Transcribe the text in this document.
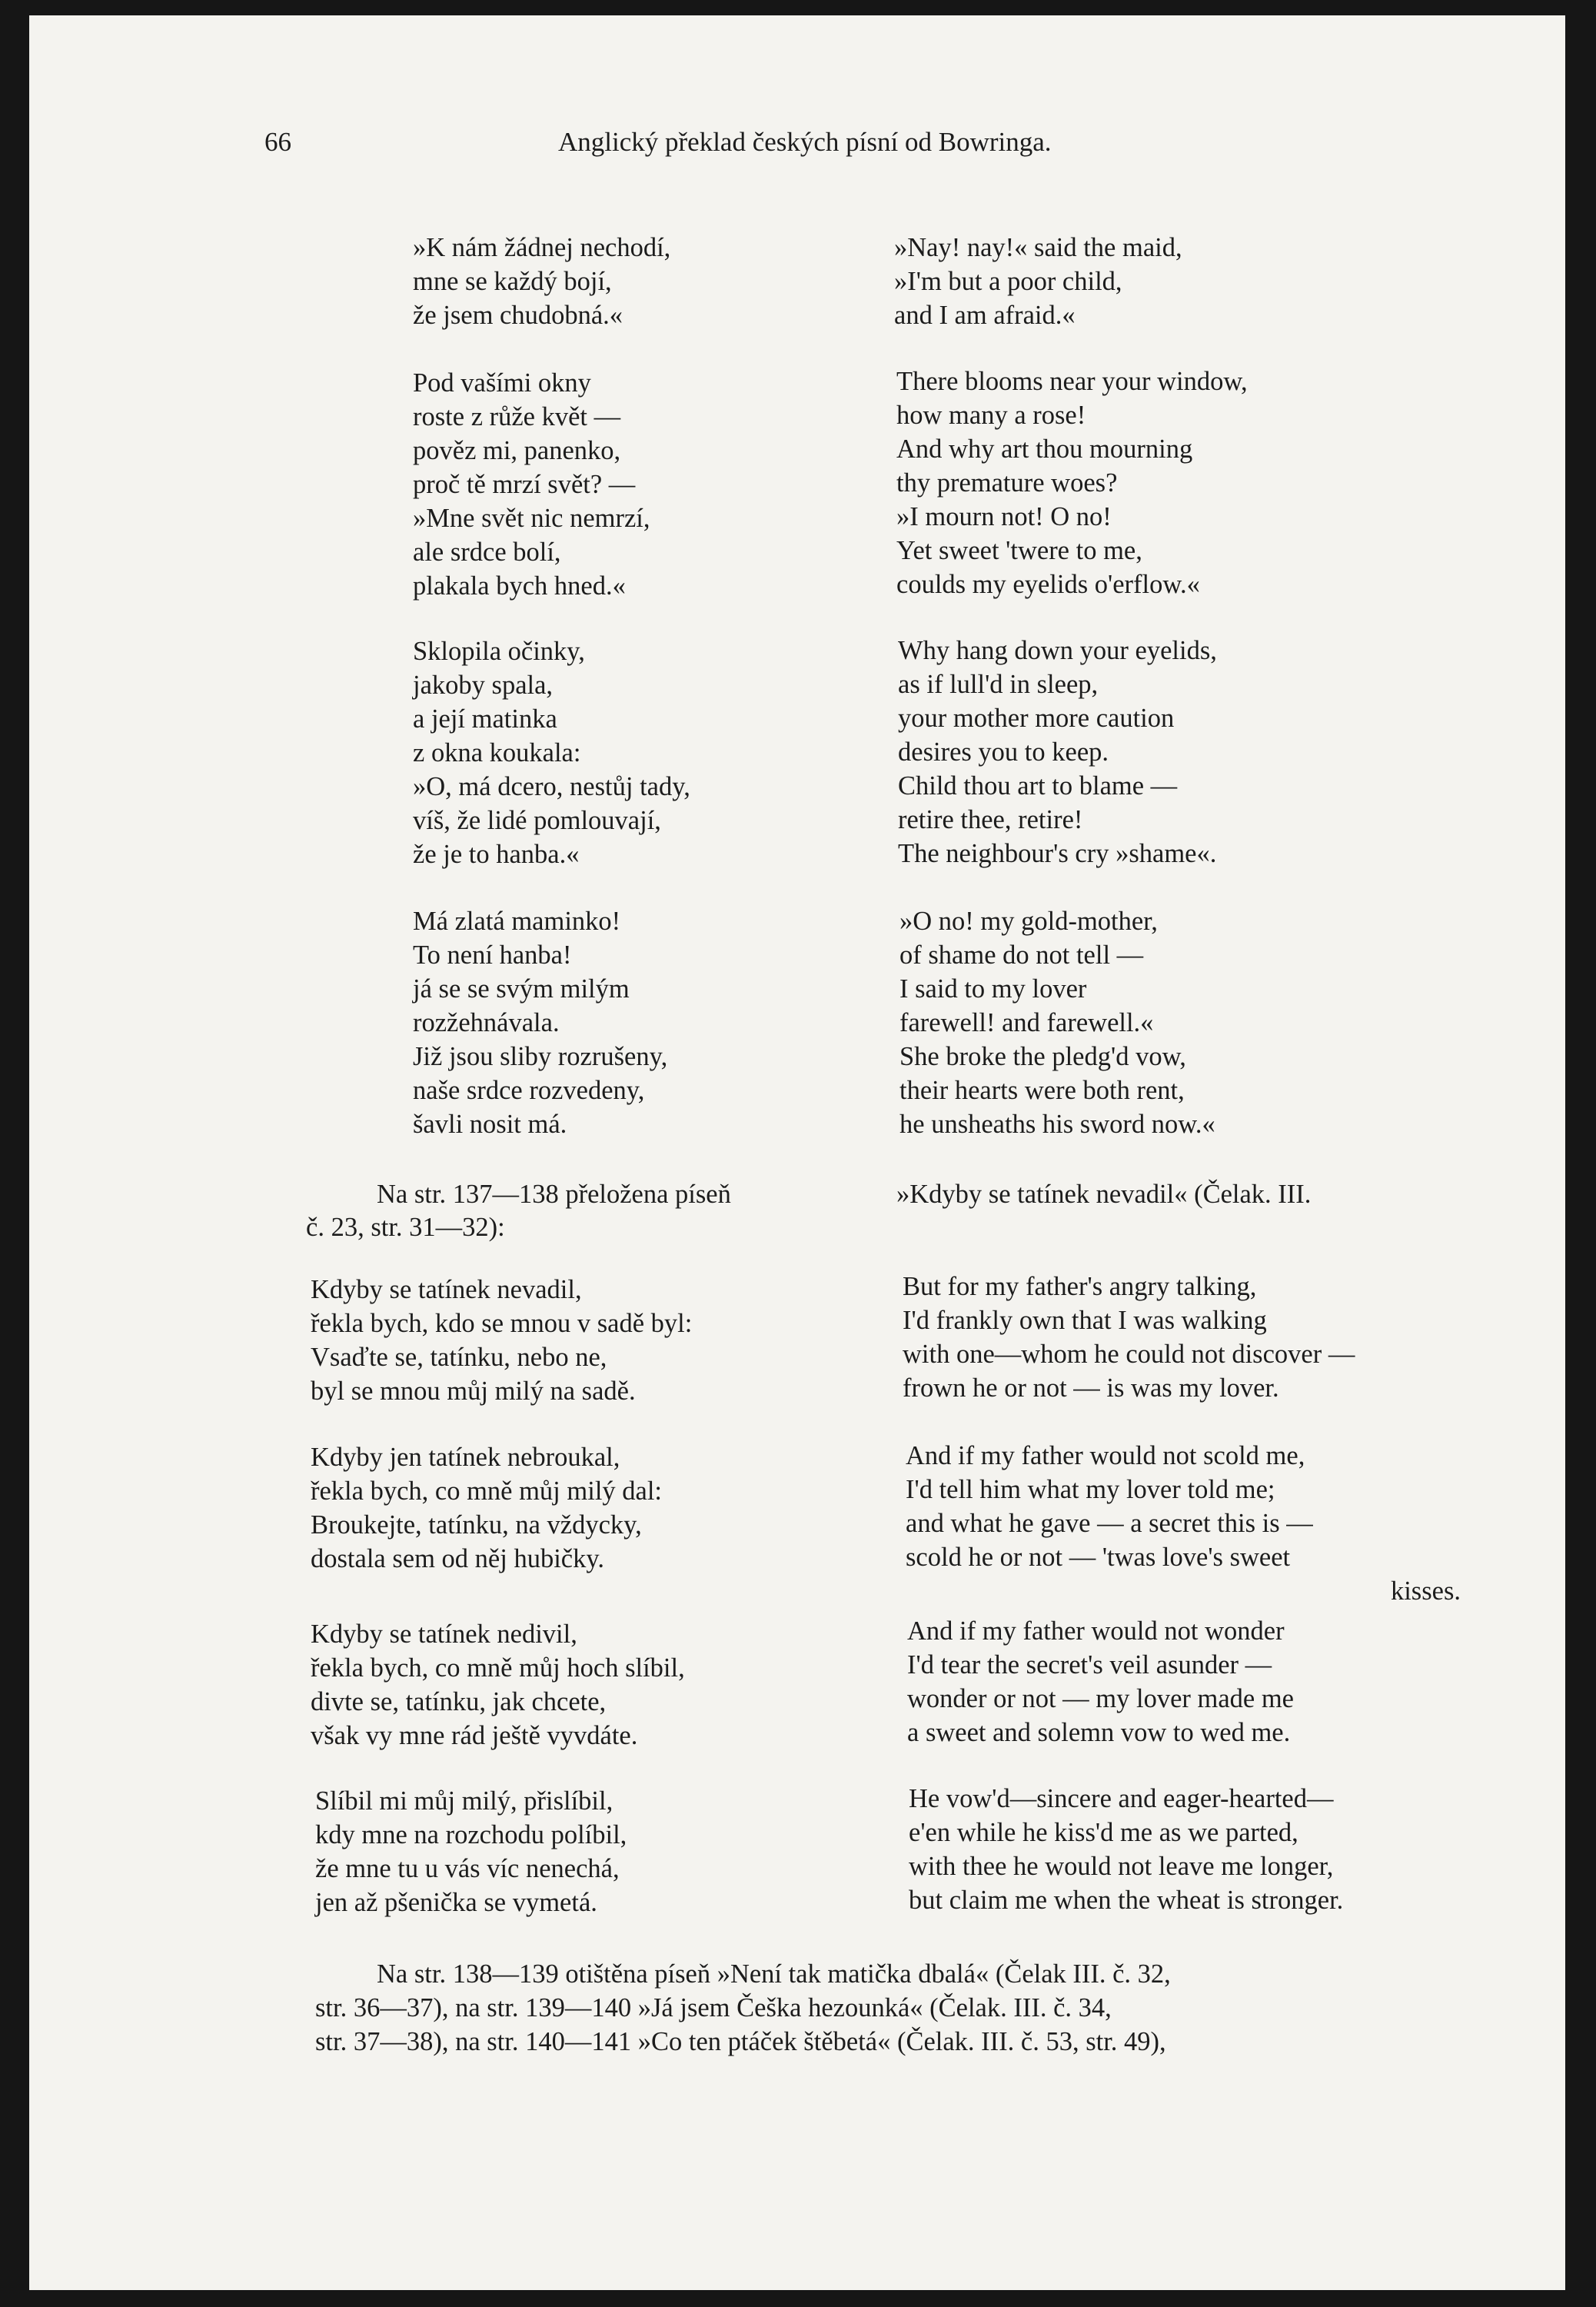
66	Anglický překlad českých písní od Bowringa.
»K nám žádnej nechodí,
mne se každý bojí,
že jsem chudobná.«
Pod vašími okny
roste z růže květ —
pověz mi, panenko,
proč tě mrzí svět? —
»Mne svět nic nemrzí,
ale srdce bolí,
plakala bych hned.«
Sklopila očinky,
jakoby spala,
a její matinka
z okna koukala:
»O, má dcero, nestůj tady,
víš, že lidé pomlouvají,
že je to hanba.«
Má zlatá maminko!
To není hanba!
já se se svým milým
rozžehnávala.
Již jsou sliby rozrušeny,
naše srdce rozvedeny,
šavli nosit má.
»Nay! nay!« said the maid,
»I'm but a poor child,
and I am afraid.«
There blooms near your window,
how many a rose!
And why art thou mourning
thy premature woes?
»I mourn not! O no!
Yet sweet 'twere to me,
coulds my eyelids o'erflow.«
Why hang down your eyelids,
as if lull'd in sleep,
your mother more caution
desires you to keep.
Child thou art to blame —
retire thee, retire!
The neighbour's cry »shame«.
»O no! my gold-mother,
of shame do not tell —
I said to my lover
farewell! and farewell.«
She broke the pledg'd vow,
their hearts were both rent,
he unsheaths his sword now.«
Na str. 137—138 přeložena píseň	»Kdyby se tatínek nevadil« (Čelak. III.
č. 23, str. 31—32):
Kdyby se tatínek nevadil,
řekla bych, kdo se mnou v sadě byl:
Vsaďte se, tatínku, nebo ne,
byl se mnou můj milý na sadě.
Kdyby jen tatínek nebroukal,
řekla bych, co mně můj milý dal:
Broukejte, tatínku, na vždycky,
dostala sem od něj hubičky.
Kdyby se tatínek nedivil,
řekla bych, co mně můj hoch slíbil,
divte se, tatínku, jak chcete,
však vy mne rád ještě vyvdáte.
Slíbil mi můj milý, přislíbil,
kdy mne na rozchodu políbil,
že mne tu u vás víc nenechá,
jen až pšenička se vymetá.
But for my father's angry talking,
I'd frankly own that I was walking
with one—whom he could not discover —
frown he or not — is was my lover.
And if my father would not scold me,
I'd tell him what my lover told me;
and what he gave — a secret this is —
scold he or not — 'twas love's sweet
kisses.
And if my father would not wonder
I'd tear the secret's veil asunder —
wonder or not — my lover made me
a sweet and solemn vow to wed me.
He vow'd—sincere and eager-hearted—
e'en while he kiss'd me as we parted,
with thee he would not leave me longer,
but claim me when the wheat is stronger.
Na str. 138—139 otištěna píseň »Není tak matička dbalá« (Čelak III. č. 32,
str. 36—37), na str. 139—140 »Já jsem Češka hezounká« (Čelak. III. č. 34,
str. 37—38), na str. 140—141 »Co ten ptáček štěbetá« (Čelak. III. č. 53, str. 49),
